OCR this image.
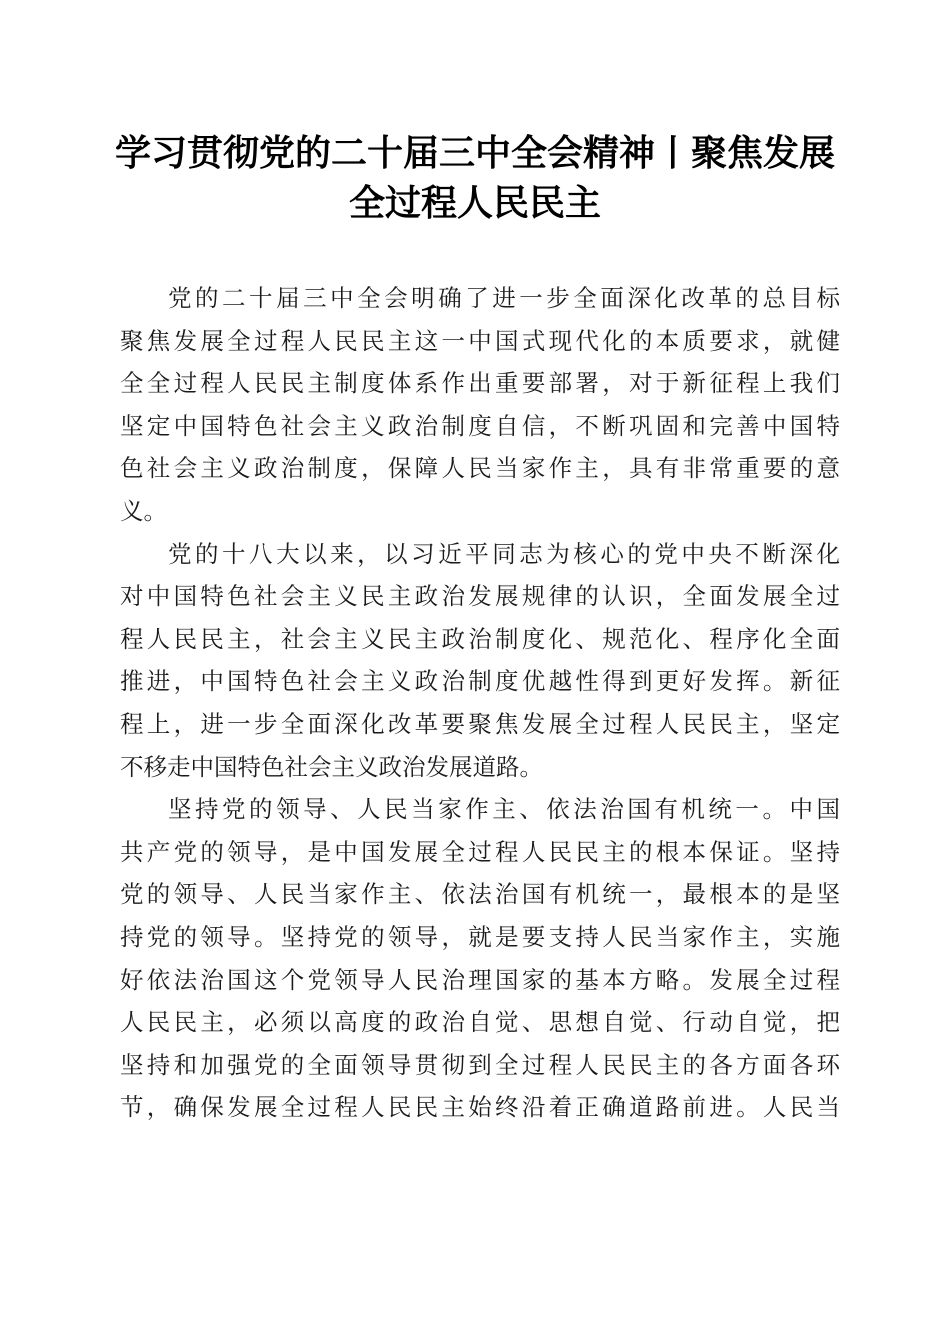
学习贯彻党的二十届三中全会精神丨聚焦发展
全过程人民民主

党的二十届三中全会明确了进一步全面深化改革的总目标
聚焦发展全过程人民民主这一中国式现代化的本质要求，就健
全全过程人民民主制度体系作出重要部署，对于新征程上我们
坚定中国特色社会主义政治制度自信，不断巩固和完善中国特
色社会主义政治制度，保障人民当家作主，具有非常重要的意
义。

党的十八大以来，以习近平同志为核心的党中央不断深化
对中国特色社会主义民主政治发展规律的认识，全面发展全过
程人民民主，社会主义民主政治制度化、规范化、程序化全面
推进，中国特色社会主义政治制度优越性得到更好发挥。新征
程上，进一步全面深化改革要聚焦发展全过程人民民主，坚定
不移走中国特色社会主义政治发展道路。

坚持党的领导、人民当家作主、依法治国有机统一。中国
共产党的领导，是中国发展全过程人民民主的根本保证。坚持
党的领导、人民当家作主、依法治国有机统一，最根本的是坚
持党的领导。坚持党的领导，就是要支持人民当家作主，实施
好依法治国这个党领导人民治理国家的基本方略。发展全过程
人民民主，必须以高度的政治自觉、思想自觉、行动自觉，把
坚持和加强党的全面领导贯彻到全过程人民民主的各方面各环
节，确保发展全过程人民民主始终沿着正确道路前进。人民当
